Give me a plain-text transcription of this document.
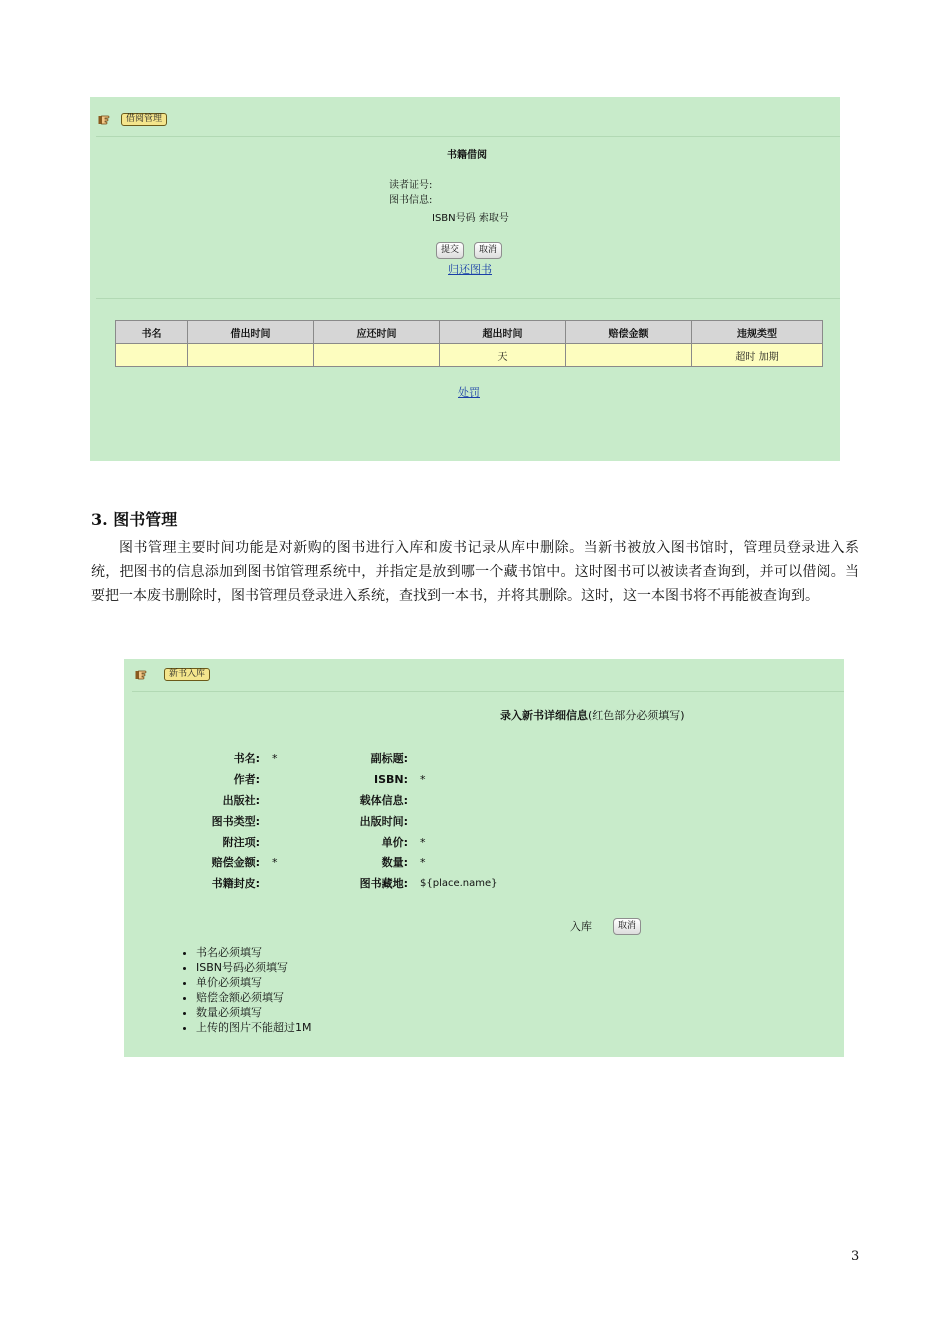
借阅管理
书籍借阅
读者证号:
图书信息:
ISBN号码 索取号
提交	取消
归还图书
书名	借出时间	应还时间	超出时间	赔偿金额	违规类型
			天		超时 加期
处罚
3. 图书管理
图书管理主要时间功能是对新购的图书进行入库和废书记录从库中删除。当新书被放入图书馆时，管理员登录进入系统，把图书的信息添加到图书馆管理系统中，并指定是放到哪一个藏书馆中。这时图书可以被读者查询到，并可以借阅。当要把一本废书删除时，图书管理员登录进入系统，查找到一本书，并将其删除。这时，这一本图书将不再能被查询到。
新书入库
录入新书详细信息(红色部分必须填写)
书名: *
作者:
出版社:
图书类型:
附注项:
赔偿金额: *
书籍封皮:
副标题:
ISBN: *
载体信息:
出版时间:
单价: *
数量: *
图书藏地: ${place.name}
入库	取消
• 书名必须填写
• ISBN号码必须填写
• 单价必须填写
• 赔偿金额必须填写
• 数量必须填写
• 上传的图片不能超过1M
3
